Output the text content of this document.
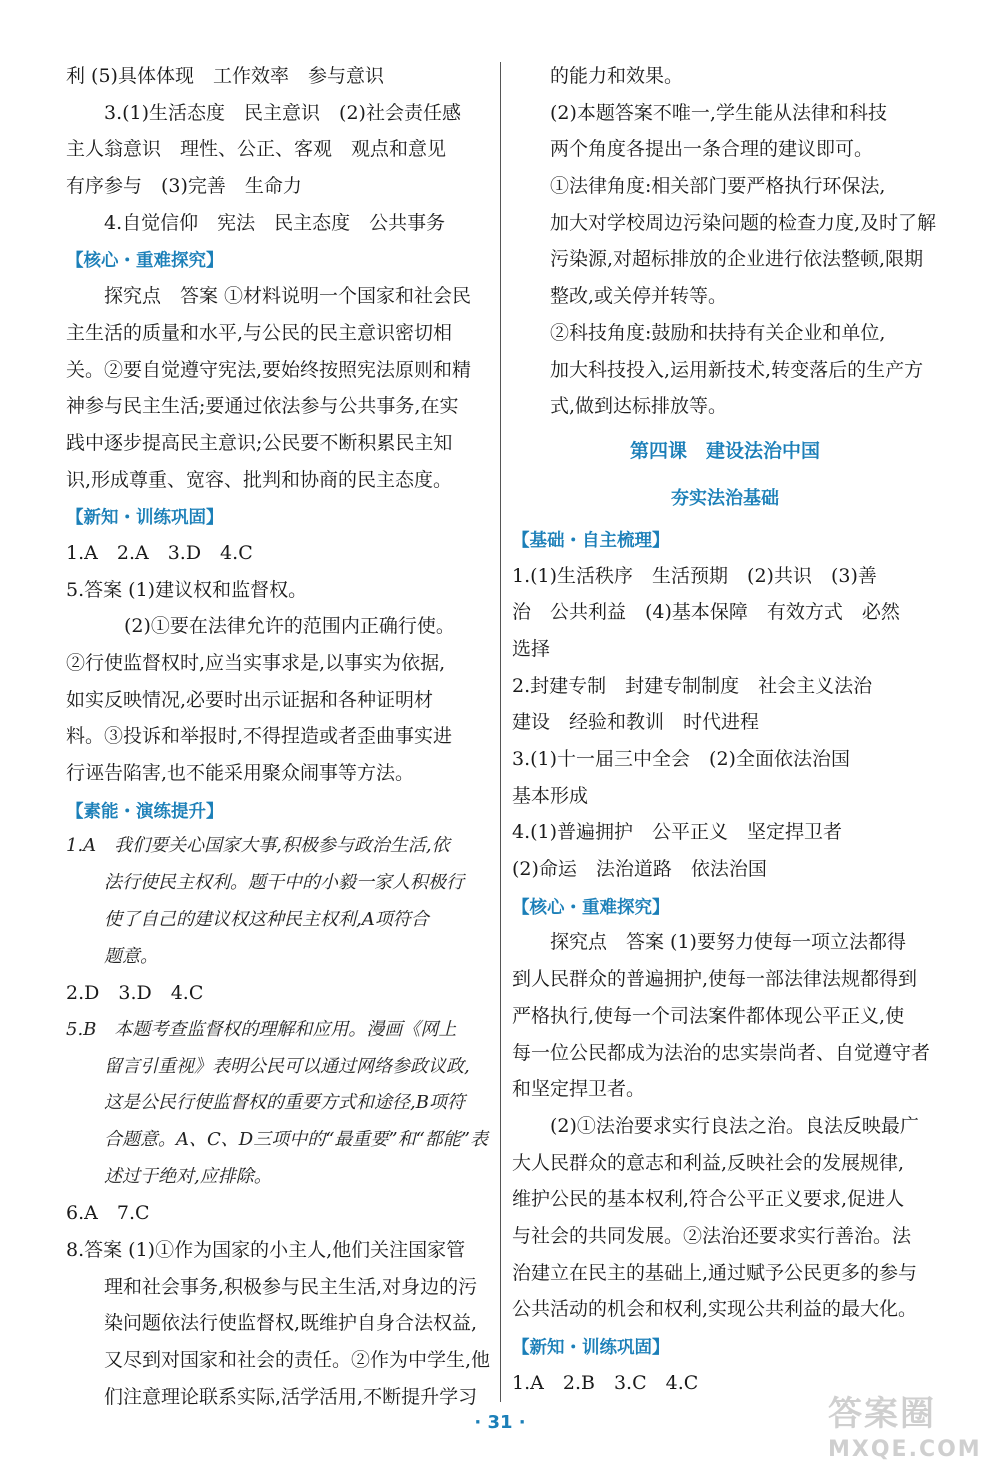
利 (5)具体体现　工作效率　参与意识
3.(1)生活态度　民主意识　(2)社会责任感
主人翁意识　理性、公正、客观　观点和意见
有序参与　(3)完善　生命力
4.自觉信仰　宪法　民主态度　公共事务
【核心・重难探究】
探究点　答案 ①材料说明一个国家和社会民
主生活的质量和水平,与公民的民主意识密切相
关。②要自觉遵守宪法,要始终按照宪法原则和精
神参与民主生活;要通过依法参与公共事务,在实
践中逐步提高民主意识;公民要不断积累民主知
识,形成尊重、宽容、批判和协商的民主态度。
【新知・训练巩固】
1.A　2.A　3.D　4.C
5.答案 (1)建议权和监督权。
(2)①要在法律允许的范围内正确行使。
②行使监督权时,应当实事求是,以事实为依据,
如实反映情况,必要时出示证据和各种证明材
料。③投诉和举报时,不得捏造或者歪曲事实进
行诬告陷害,也不能采用聚众闹事等方法。
【素能・演练提升】
1.A　我们要关心国家大事,积极参与政治生活,依
法行使民主权利。题干中的小毅一家人积极行
使了自己的建议权这种民主权利,A项符合
题意。
2.D　3.D　4.C
5.B　本题考查监督权的理解和应用。漫画《网上
留言引重视》表明公民可以通过网络参政议政,
这是公民行使监督权的重要方式和途径,B项符
合题意。A、C、D三项中的“最重要”和“都能”表
述过于绝对,应排除。
6.A　7.C
8.答案 (1)①作为国家的小主人,他们关注国家管
理和社会事务,积极参与民主生活,对身边的污
染问题依法行使监督权,既维护自身合法权益,
又尽到对国家和社会的责任。②作为中学生,他
们注意理论联系实际,活学活用,不断提升学习
的能力和效果。
(2)本题答案不唯一,学生能从法律和科技
两个角度各提出一条合理的建议即可。
①法律角度:相关部门要严格执行环保法,
加大对学校周边污染问题的检查力度,及时了解
污染源,对超标排放的企业进行依法整顿,限期
整改,或关停并转等。
②科技角度:鼓励和扶持有关企业和单位,
加大科技投入,运用新技术,转变落后的生产方
式,做到达标排放等。
第四课　建设法治中国
夯实法治基础
【基础・自主梳理】
1.(1)生活秩序　生活预期　(2)共识　(3)善
治　公共利益　(4)基本保障　有效方式　必然
选择
2.封建专制　封建专制制度　社会主义法治
建设　经验和教训　时代进程
3.(1)十一届三中全会　(2)全面依法治国
基本形成
4.(1)普遍拥护　公平正义　坚定捍卫者
(2)命运　法治道路　依法治国
【核心・重难探究】
探究点　答案 (1)要努力使每一项立法都得
到人民群众的普遍拥护,使每一部法律法规都得到
严格执行,使每一个司法案件都体现公平正义,使
每一位公民都成为法治的忠实崇尚者、自觉遵守者
和坚定捍卫者。
(2)①法治要求实行良法之治。良法反映最广
大人民群众的意志和利益,反映社会的发展规律,
维护公民的基本权利,符合公平正义要求,促进人
与社会的共同发展。②法治还要求实行善治。法
治建立在民主的基础上,通过赋予公民更多的参与
公共活动的机会和权利,实现公共利益的最大化。
【新知・训练巩固】
1.A　2.B　3.C　4.C
· 31 ·	答案圈
MXQE.COM
